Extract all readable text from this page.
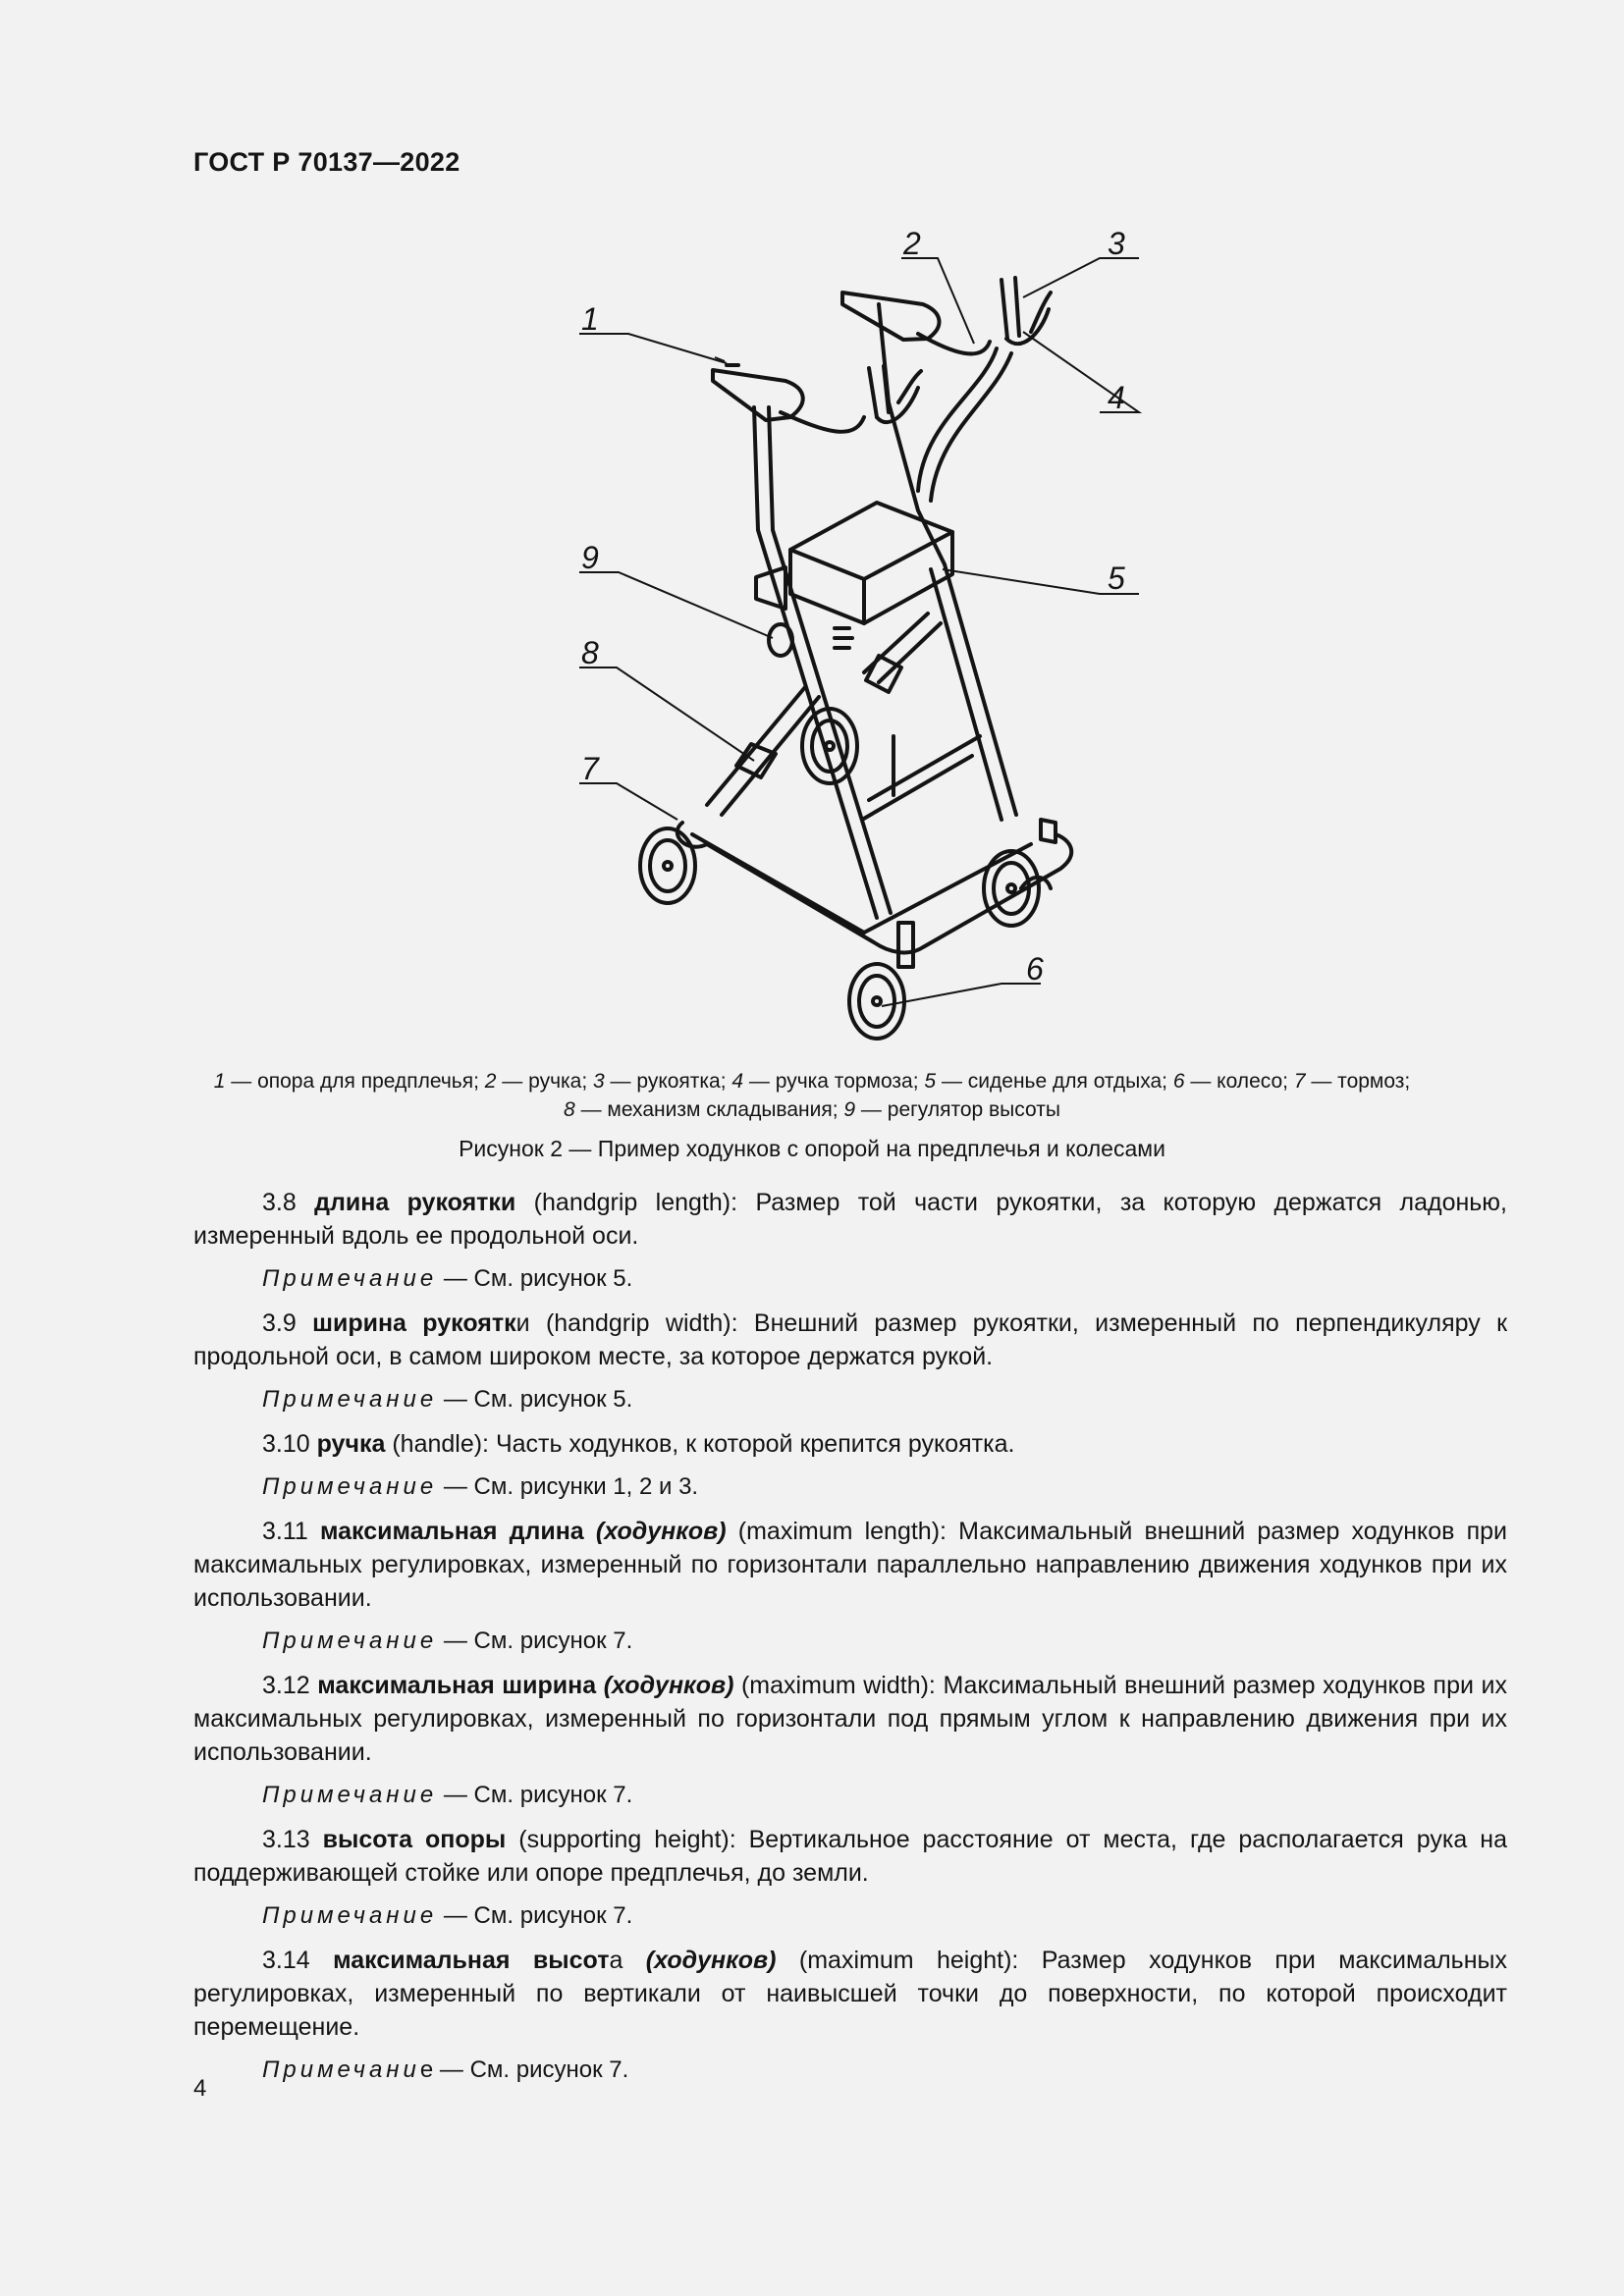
ГОСТ Р 70137—2022
1
2	3
4
5
6
7
8
9
1 — опора для предплечья; 2 — ручка; 3 — рукоятка; 4 — ручка тормоза; 5 — сиденье для отдыха; 6 — колесо; 7 — тормоз;
8 — механизм складывания; 9 — регулятор высоты
Рисунок 2 — Пример ходунков с опорой на предплечья и колесами

3.8 длина рукоятки (handgrip length): Размер той части рукоятки, за которую держатся ладонью, измеренный вдоль ее продольной оси.

Примечание — См. рисунок 5.

3.9 ширина рукоятки (handgrip width): Внешний размер рукоятки, измеренный по перпендикуляру к продольной оси, в самом широком месте, за которое держатся рукой.

Примечание — См. рисунок 5.

3.10 ручка (handle): Часть ходунков, к которой крепится рукоятка.

Примечание — См. рисунки 1, 2 и 3.

3.11 максимальная длина (ходунков) (maximum length): Максимальный внешний размер ходунков при максимальных регулировках, измеренный по горизонтали параллельно направлению движения ходунков при их использовании.

Примечание — См. рисунок 7.

3.12 максимальная ширина (ходунков) (maximum width): Максимальный внешний размер ходунков при их максимальных регулировках, измеренный по горизонтали под прямым углом к направлению движения при их использовании.

Примечание — См. рисунок 7.

3.13 высота опоры (supporting height): Вертикальное расстояние от места, где располагается рука на поддерживающей стойке или опоре предплечья, до земли.

Примечание — См. рисунок 7.

3.14 максимальная высота (ходунков) (maximum height): Размер ходунков при максимальных регулировках, измеренный по вертикали от наивысшей точки до поверхности, по которой происходит перемещение.

Примечание — См. рисунок 7.
4
